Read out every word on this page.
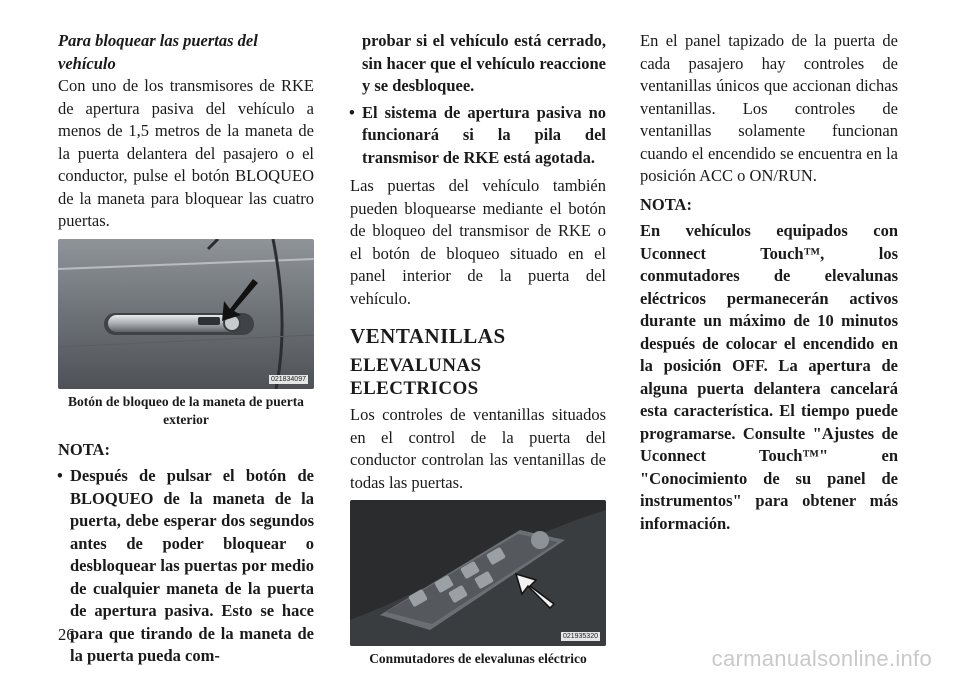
Para bloquear las puertas del vehículo

Con uno de los transmisores de RKE de apertura pasiva del vehículo a menos de 1,5 metros de la maneta de la puerta delantera del pasajero o el conductor, pulse el botón BLOQUEO de la maneta para bloquear las cuatro puertas.

021834097
Botón de bloqueo de la maneta de puerta exterior

NOTA:

• Después de pulsar el botón de BLOQUEO de la maneta de la puerta, debe esperar dos segundos antes de poder bloquear o desbloquear las puertas por medio de cualquier maneta de la puerta de apertura pasiva. Esto se hace para que tirando de la maneta de la puerta pueda com-

probar si el vehículo está cerrado, sin hacer que el vehículo reaccione y se desbloquee.

• El sistema de apertura pasiva no funcionará si la pila del transmisor de RKE está agotada.

Las puertas del vehículo también pueden bloquearse mediante el botón de bloqueo del transmisor de RKE o el botón de bloqueo situado en el panel interior de la puerta del vehículo.

VENTANILLAS
ELEVALUNAS ELECTRICOS

Los controles de ventanillas situados en el control de la puerta del conductor controlan las ventanillas de todas las puertas.

021935320
Conmutadores de elevalunas eléctrico

En el panel tapizado de la puerta de cada pasajero hay controles de ventanillas únicos que accionan dichas ventanillas. Los controles de ventanillas solamente funcionan cuando el encendido se encuentra en la posición ACC o ON/RUN.

NOTA:

En vehículos equipados con Uconnect Touch™, los conmutadores de elevalunas eléctricos permanecerán activos durante un máximo de 10 minutos después de colocar el encendido en la posición OFF. La apertura de alguna puerta delantera cancelará esta característica. El tiempo puede programarse. Consulte "Ajustes de Uconnect Touch™" en "Conocimiento de su panel de instrumentos" para obtener más información.

26
carmanualsonline.info
